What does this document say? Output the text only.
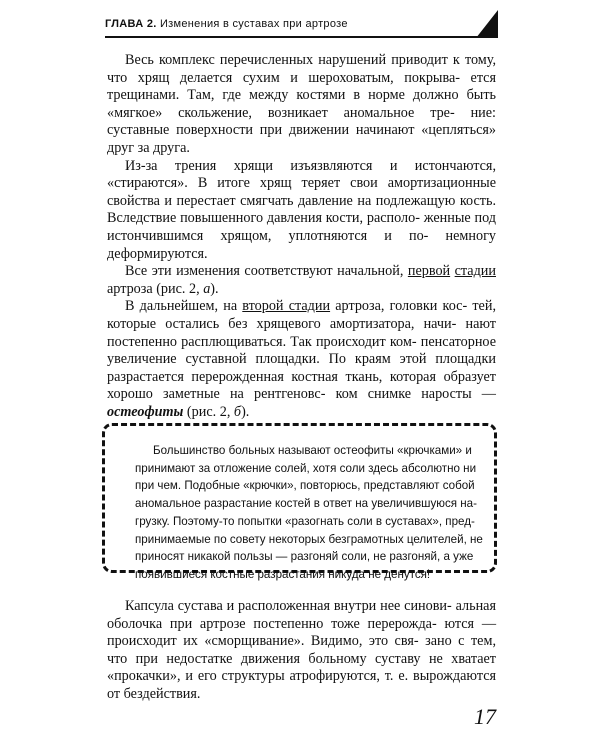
ГЛАВА 2. Изменения в суставах при артрозе

Весь комплекс перечисленных нарушений приводит к тому, что хрящ делается сухим и шероховатым, покрыва- ется трещинами. Там, где между костями в норме должно быть «мягкое» скольжение, возникает аномальное тре- ние: суставные поверхности при движении начинают «цепляться» друг за друга.

Из-за трения хрящи изъязвляются и истончаются, «стираются». В итоге хрящ теряет свои амортизационные свойства и перестает смягчать давление на подлежащую кость. Вследствие повышенного давления кости, располо- женные под истончившимся хрящом, уплотняются и по- немногу деформируются.

Все эти изменения соответствуют начальной, первой стадии артроза (рис. 2, а).

В дальнейшем, на второй стадии артроза, головки кос- тей, которые остались без хрящевого амортизатора, начи- нают постепенно расплющиваться. Так происходит ком- пенсаторное увеличение суставной площадки. По краям этой площадки разрастается перерожденная костная ткань, которая образует хорошо заметные на рентгеновс- ком снимке наросты — остеофиты (рис. 2, б).

Большинство больных называют остеофиты «крючками» и
принимают за отложение солей, хотя соли здесь абсолютно ни
при чем. Подобные «крючки», повторюсь, представляют собой
аномальное разрастание костей в ответ на увеличившуюся на-
грузку. Поэтому-то попытки «разогнать соли в суставах», пред-
принимаемые по совету некоторых безграмотных целителей, не
приносят никакой пользы — разгоняй соли, не разгоняй, а уже
появившиеся костные разрастания никуда не денутся!

Капсула сустава и расположенная внутри нее синови- альная оболочка при артрозе постепенно тоже перерожда- ются — происходит их «сморщивание». Видимо, это свя- зано с тем, что при недостатке движения больному суставу не хватает «прокачки», и его структуры атрофируются, т. е. вырождаются от бездействия.

17
